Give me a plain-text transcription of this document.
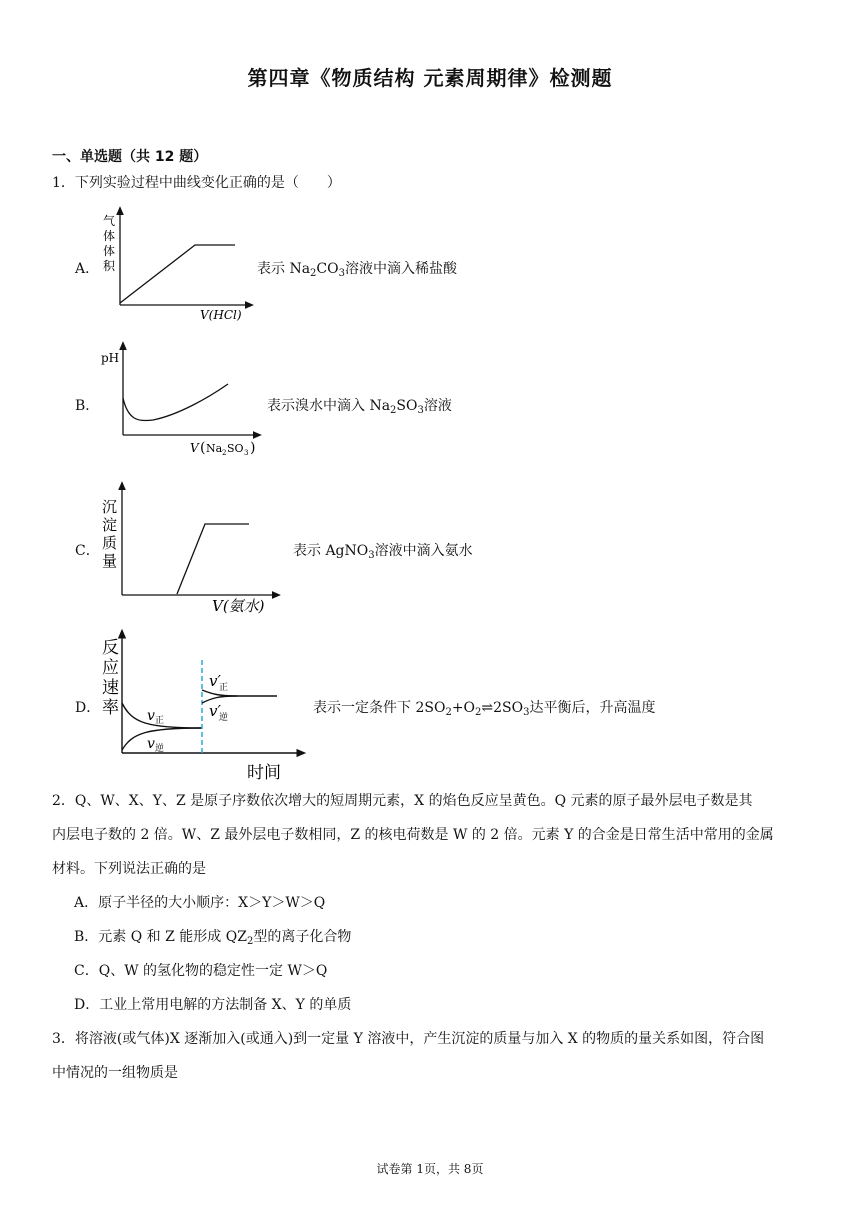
第四章《物质结构 元素周期律》检测题
一、单选题（共 12 题）
1．下列实验过程中曲线变化正确的是（　　）
A．
气
体
体
积
V(HCl)
表示 $Na_2CO_3$溶液中滴入稀盐酸
B．
pH
V ( Na 2 SO 3 )
表示溴水中滴入 $Na_2SO_3$溶液
C．
沉
淀
质
量
V(氨水)
表示 AgNO$_3$溶液中滴入氨水
D．
反
应
速
率 v 正
v 逆
v′
正
v′
逆
时间
表示一定条件下 $2SO_2+O_2\rightleftharpoons 2SO_3$达平衡后，升高温度
2．Q、W、X、Y、Z 是原子序数依次增大的短周期元素，X 的焰色反应呈黄色。Q 元素的原子最外层电子数是其
内层电子数的 2 倍。W、Z 最外层电子数相同，Z 的核电荷数是 W 的 2 倍。元素 Y 的合金是日常生活中常用的金属
材料。下列说法正确的是
A．原子半径的大小顺序：X＞Y＞W＞Q
B．元素 Q 和 Z 能形成 $QZ_2$型的离子化合物
C．Q、W 的氢化物的稳定性一定 W＞Q
D．工业上常用电解的方法制备 X、Y 的单质
3．将溶液(或气体)X 逐渐加入(或通入)到一定量 Y 溶液中，产生沉淀的质量与加入 X 的物质的量关系如图，符合图
中情况的一组物质是
试卷第 1页，共 8页
